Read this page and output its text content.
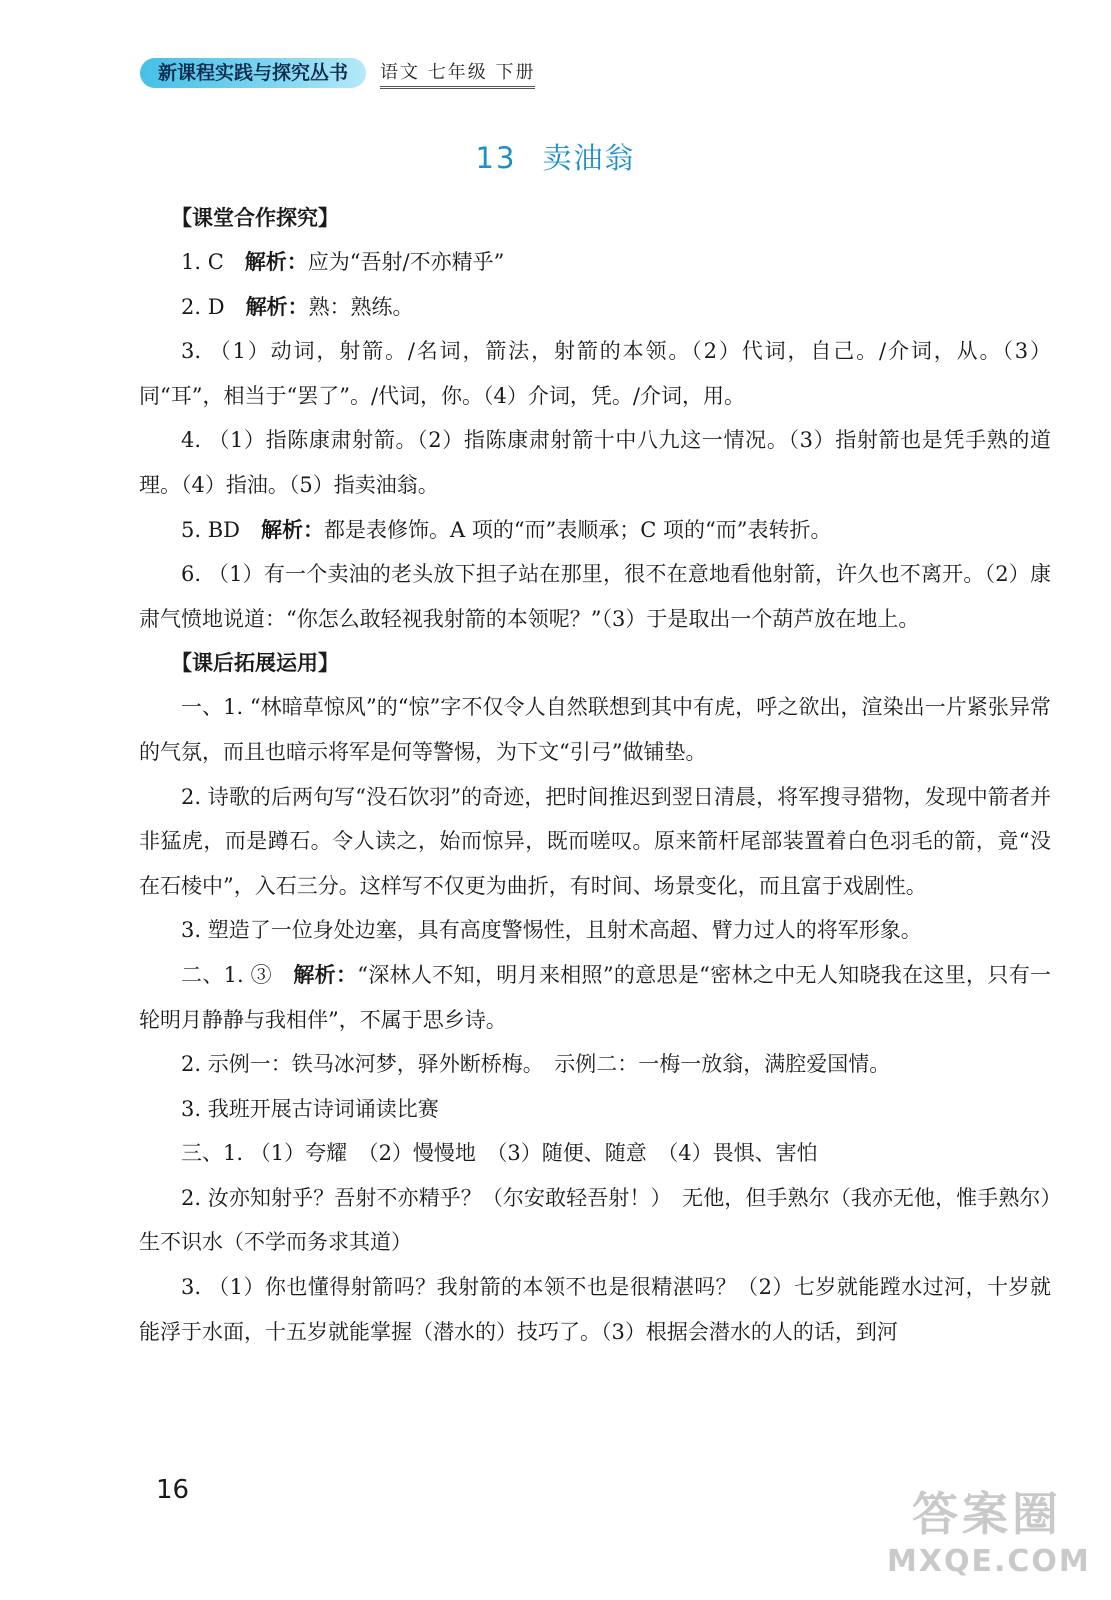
新课程实践与探究丛书	语文 七年级 下册
13 卖油翁
【课堂合作探究】
1. C　 解析：应为“吾射/不亦精乎”
2. D　 解析：熟：熟练。
3. （1）动词，射箭。/名词，箭法，射箭的本领。（2）代词，自己。/介词，从。（3）同“耳”，相当于“罢了”。/代词，你。（4）介词，凭。/介词，用。
4. （1）指陈康肃射箭。（2）指陈康肃射箭十中八九这一情况。（3）指射箭也是凭手熟的道理。（4）指油。（5）指卖油翁。
5. BD　 解析：都是表修饰。A 项的“而”表顺承；C 项的“而”表转折。
6. （1）有一个卖油的老头放下担子站在那里，很不在意地看他射箭，许久也不离开。（2）康肃气愤地说道：“你怎么敢轻视我射箭的本领呢？”（3）于是取出一个葫芦放在地上。
【课后拓展运用】
一、1. “林暗草惊风”的“惊”字不仅令人自然联想到其中有虎，呼之欲出，渲染出一片紧张异常的气氛，而且也暗示将军是何等警惕，为下文“引弓”做铺垫。
2. 诗歌的后两句写“没石饮羽”的奇迹，把时间推迟到翌日清晨，将军搜寻猎物，发现中箭者并非猛虎，而是蹲石。令人读之，始而惊异，既而嗟叹。原来箭杆尾部装置着白色羽毛的箭，竟“没在石棱中”，入石三分。这样写不仅更为曲折，有时间、场景变化，而且富于戏剧性。
3. 塑造了一位身处边塞，具有高度警惕性，且射术高超、臂力过人的将军形象。
二、1. ③　 解析：“深林人不知，明月来相照”的意思是“密林之中无人知晓我在这里，只有一轮明月静静与我相伴”，不属于思乡诗。
2. 示例一：铁马冰河梦，驿外断桥梅。　示例二：一梅一放翁，满腔爱国情。
3. 我班开展古诗词诵读比赛
三、1. （1）夸耀　（2）慢慢地　（3）随便、随意　（4）畏惧、害怕
2. 汝亦知射乎？吾射不亦精乎？（尔安敢轻吾射！）　无他，但手熟尔（我亦无他，惟手熟尔）　生不识水（不学而务求其道）
3. （1）你也懂得射箭吗？我射箭的本领不也是很精湛吗？（2）七岁就能蹚水过河，十岁就能浮于水面，十五岁就能掌握（潜水的）技巧了。（3）根据会潜水的人的话，到河
16	答案圈
MXQE.COM
